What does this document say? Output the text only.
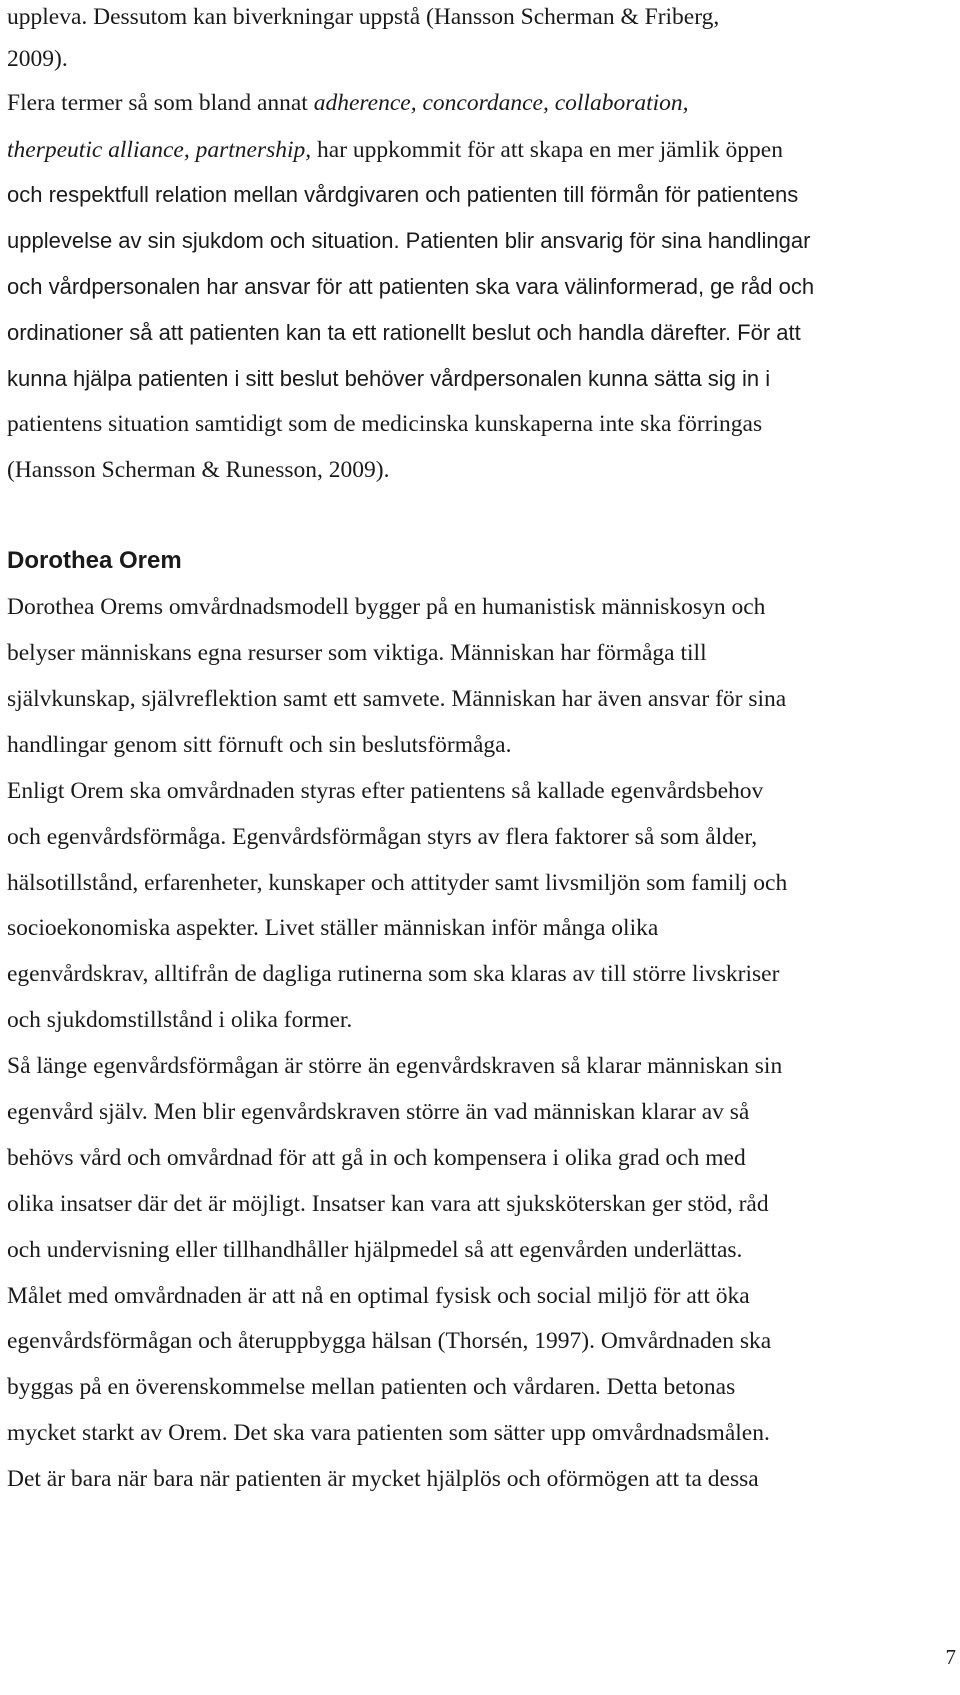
uppleva. Dessutom kan biverkningar uppstå (Hansson Scherman & Friberg,
2009).
Flera termer så som bland annat adherence, concordance, collaboration,
therpeutic alliance, partnership, har uppkommit för att skapa en mer jämlik öppen
och respektfull relation mellan vårdgivaren och patienten till förmån för patientens
upplevelse av sin sjukdom och situation. Patienten blir ansvarig för sina handlingar
och vårdpersonalen har ansvar för att patienten ska vara välinformerad, ge råd och
ordinationer så att patienten kan ta ett rationellt beslut och handla därefter. För att
kunna hjälpa patienten i sitt beslut behöver vårdpersonalen kunna sätta sig in i
patientens situation samtidigt som de medicinska kunskaperna inte ska förringas
(Hansson Scherman & Runesson, 2009).
Dorothea Orem
Dorothea Orems omvårdnadsmodell bygger på en humanistisk människosyn och
belyser människans egna resurser som viktiga. Människan har förmåga till
självkunskap, självreflektion samt ett samvete. Människan har även ansvar för sina
handlingar genom sitt förnuft och sin beslutsförmåga.
Enligt Orem ska omvårdnaden styras efter patientens så kallade egenvårdsbehov
och egenvårdsförmåga. Egenvårdsförmågan styrs av flera faktorer så som ålder,
hälsotillstånd, erfarenheter, kunskaper och attityder samt livsmiljön som familj och
socioekonomiska aspekter. Livet ställer människan inför många olika
egenvårdskrav, alltifrån de dagliga rutinerna som ska klaras av till större livskriser
och sjukdomstillstånd i olika former.
Så länge egenvårdsförmågan är större än egenvårdskraven så klarar människan sin
egenvård själv. Men blir egenvårdskraven större än vad människan klarar av så
behövs vård och omvårdnad för att gå in och kompensera i olika grad och med
olika insatser där det är möjligt. Insatser kan vara att sjuksköterskan ger stöd, råd
och undervisning eller tillhandhåller hjälpmedel så att egenvården underlättas.
Målet med omvårdnaden är att nå en optimal fysisk och social miljö för att öka
egenvårdsförmågan och återuppbygga hälsan (Thorsén, 1997). Omvårdnaden ska
byggas på en överenskommelse mellan patienten och vårdaren. Detta betonas
mycket starkt av Orem. Det ska vara patienten som sätter upp omvårdnadsmålen.
Det är bara när bara när patienten är mycket hjälplös och oförmögen att ta dessa
7
